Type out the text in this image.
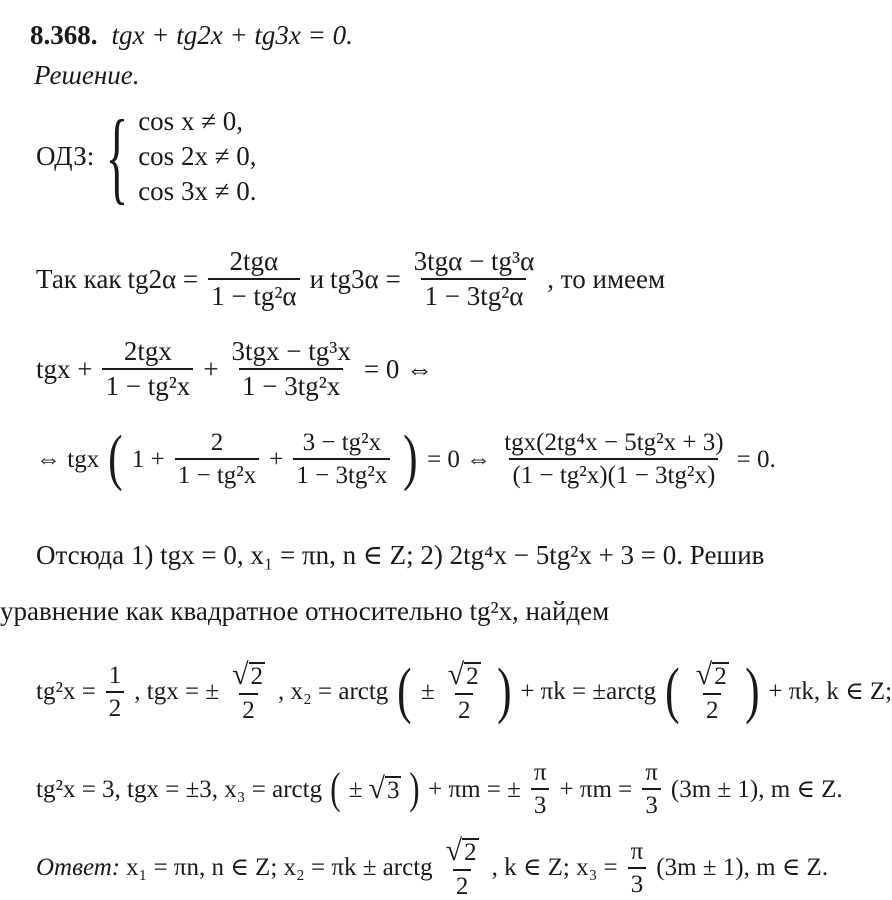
8.368. tgx + tg2x + tg3x = 0.
Решение.
ОДЗ: { cos x ≠ 0,
cos 2x ≠ 0,
cos 3x ≠ 0.
Так как $tg2\alpha = \frac{\text{2tgα}}{\text{1 − tg²α}}$ и $tg3\alpha = \frac{\text{3tgα − tg³α}}{\text{1 − 3tg²α}}$ , то имеем
tgx + $\frac{\text{2tgx}}{\text{1 − tg²x}} + \frac{\text{3tgx − tg³x}}{\text{1 − 3tg²x}} = 0$ ⇔
⇔ tgx ( $1 + \frac{2}{\text{1 − tg²x}} + \frac{\text{3 − tg²x}}{\text{1 − 3tg²x}}$ ) = 0 ⇔ $\frac{\text{tgx(2tg⁴x − 5tg²x + 3)}}{\text{(1 − tg²x)(1 − 3tg²x)}} = 0$.
Отсюда 1) tgx = 0, x₁ = πn, n ∈ Z; 2) 2tg⁴x − 5tg²x + 3 = 0. Решив
уравнение как квадратное относительно tg²x, найдем
$tg^2x = \frac{1}{2}$ , tgx = ± $\frac{√ 2}{2}$ , x₂ = arctg ( ± $\frac{√ 2}{2}$ ) + πk = ±arctg ( $\frac{√ 2}{2}$ ) + πk, k ∈ Z;
tg²x = 3, tgx = ±3, x₃ = arctg ( ± √ 3 ) + πm = ± $\frac{\pi}{3} + \pi m = \frac{\pi}{3} (3m \pm 1)$, m ∈ Z.
Ответ: x₁ = πn, n ∈ Z; x₂ = πk ± arctg $\frac{√ 2}{2}$ , k ∈ Z; $x_3 = \frac{\pi}{3} (3m \pm 1)$, m ∈ Z.
